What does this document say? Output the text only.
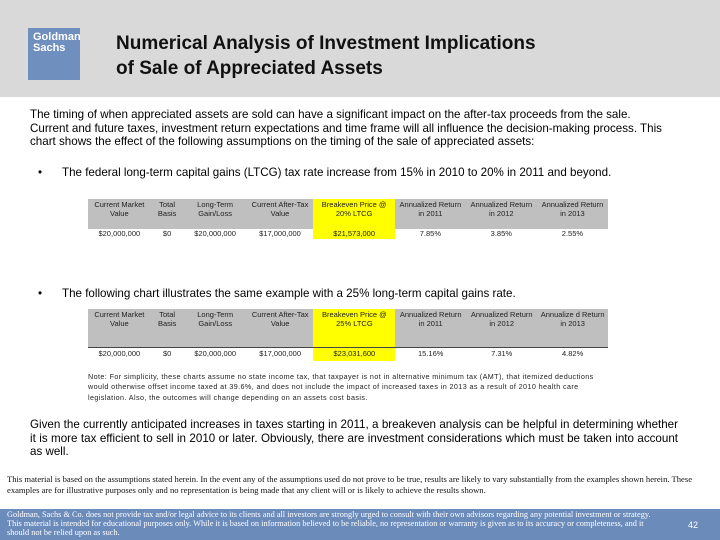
Goldman
Sachs	Numerical Analysis of Investment Implications
of Sale of Appreciated Assets
The timing of when appreciated assets are sold can have a significant impact on the after-tax proceeds from the sale. Current and future taxes, investment return expectations and time frame will all influence the decision-making process. This chart shows the effect of the following assumptions on the timing of the sale of appreciated assets:
• The federal long-term capital gains (LTCG) tax rate increase from 15% in 2010 to 20% in 2011 and beyond.
Current Market Value	Total Basis	Long-Term Gain/Loss	Current After-Tax Value	Breakeven Price @ 20% LTCG	Annualized Return in 2011	Annualized Return in 2012	Annualized Return in 2013
$20,000,000	$0	$20,000,000	$17,000,000	$21,573,000	7.85%	3.85%	2.55%
• The following chart illustrates the same example with a 25% long-term capital gains rate.
Current Market Value	Total Basis	Long-Term Gain/Loss	Current After-Tax Value	Breakeven Price @ 25% LTCG	Annualized Return in 2011	Annualized Return in 2012	Annualize d Return in 2013
$20,000,000	$0	$20,000,000	$17,000,000	$23,031,600	15.16%	7.31%	4.82%
Note: For simplicity, these charts assume no state income tax, that taxpayer is not in alternative minimum tax (AMT), that itemized deductions would otherwise offset income taxed at 39.6%, and does not include the impact of increased taxes in 2013 as a result of 2010 health care legislation. Also, the outcomes will change depending on an assets cost basis.
Given the currently anticipated increases in taxes starting in 2011, a breakeven analysis can be helpful in determining whether it is more tax efficient to sell in 2010 or later. Obviously, there are investment considerations which must be taken into account as well.
This material is based on the assumptions stated herein. In the event any of the assumptions used do not prove to be true, results are likely to vary substantially from the examples shown herein. These examples are for illustrative purposes only and no representation is being made that any client will or is likely to achieve the results shown.
Goldman, Sachs & Co. does not provide tax and/or legal advice to its clients and all investors are strongly urged to consult with their own advisors regarding any potential investment or strategy. This material is intended for educational purposes only. While it is based on information believed to be reliable, no representation or warranty is given as to its accuracy or completeness, and it should not be relied upon as such.
42
